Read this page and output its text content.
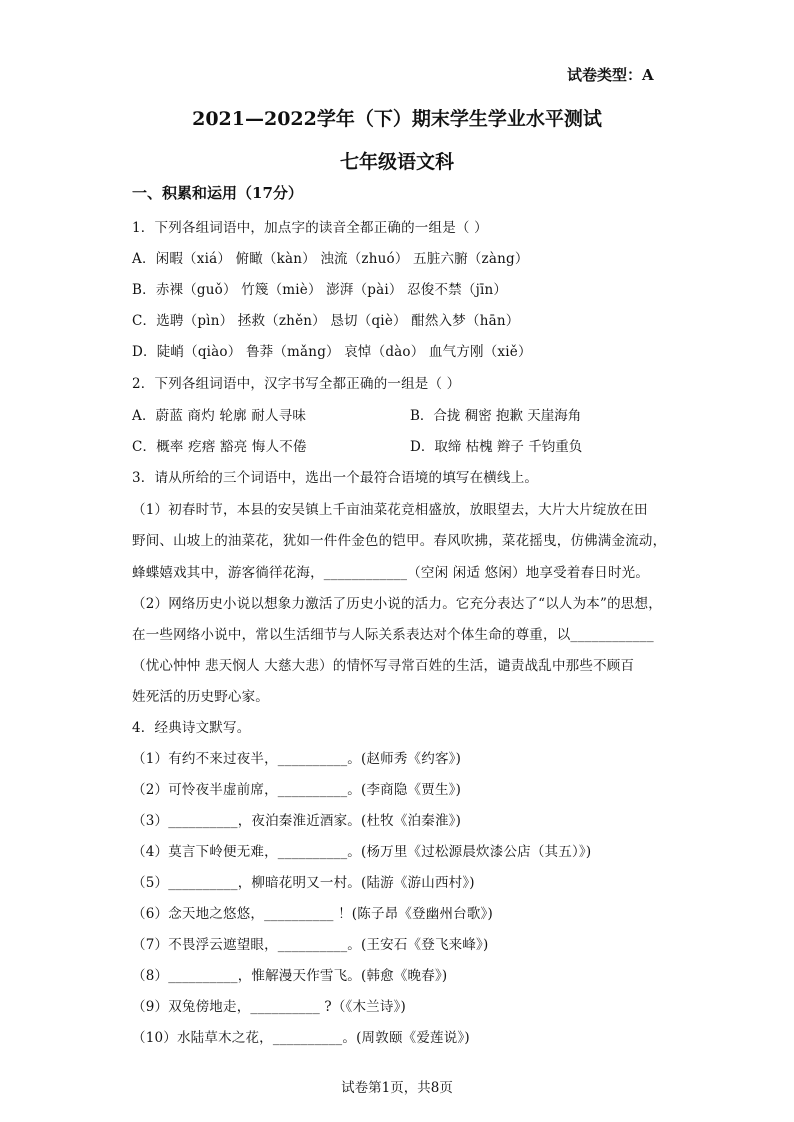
试卷类型：A
2021—2022学年（下）期末学生学业水平测试
七年级语文科
一、积累和运用（17分）
1．下列各组词语中，加点字的读音全都正确的一组是（ ）
A．闲暇（xiá） 俯瞰（kàn） 浊流（zhuó） 五脏六腑（zàng）
B．赤裸（guǒ） 竹篾（miè） 澎湃（pài） 忍俊不禁（jīn）
C．选聘（pìn） 拯救（zhěn） 恳切（qiè） 酣然入梦（hān）
D．陡峭（qiào） 鲁莽（mǎng） 哀悼（dào） 血气方刚（xiě）
2．下列各组词语中，汉字书写全都正确的一组是（ ）
A．蔚蓝 商灼 轮廓 耐人寻味	B．合拢 稠密 抱歉 天崖海角
C．概率 疙瘩 豁亮 悔人不倦	D．取缔 枯槐 辫子 千钧重负
3．请从所给的三个词语中，选出一个最符合语境的填写在横线上。
（1）初春时节，本县的安吴镇上千亩油菜花竞相盛放，放眼望去，大片大片绽放在田
野间、山坡上的油菜花，犹如一件件金色的铠甲。春风吹拂，菜花摇曳，仿佛满金流动，
蜂蝶嬉戏其中，游客徜徉花海，____________（空闲 闲适 悠闲）地享受着春日时光。
（2）网络历史小说以想象力激活了历史小说的活力。它充分表达了“以人为本”的思想，
在一些网络小说中，常以生活细节与人际关系表达对个体生命的尊重，以____________
（忧心忡忡 悲天悯人 大慈大悲）的情怀写寻常百姓的生活，谴责战乱中那些不顾百
姓死活的历史野心家。
4．经典诗文默写。
（1）有约不来过夜半，__________。(赵师秀《约客》)
（2）可怜夜半虚前席，__________。(李商隐《贾生》)
（3）__________，夜泊秦淮近酒家。(杜牧《泊秦淮》)
（4）莫言下岭便无难，__________。(杨万里《过松源晨炊漆公店（其五）》)
（5）__________，柳暗花明又一村。(陆游《游山西村》)
（6）念天地之悠悠，__________ ！(陈子昂《登幽州台歌》)
（7）不畏浮云遮望眼，__________。(王安石《登飞来峰》)
（8）__________，惟解漫天作雪飞。(韩愈《晚春》)
（9）双兔傍地走，__________ ?（《木兰诗》)
（10）水陆草木之花，__________。(周敦颐《爱莲说》)
试卷第1页，共8页
